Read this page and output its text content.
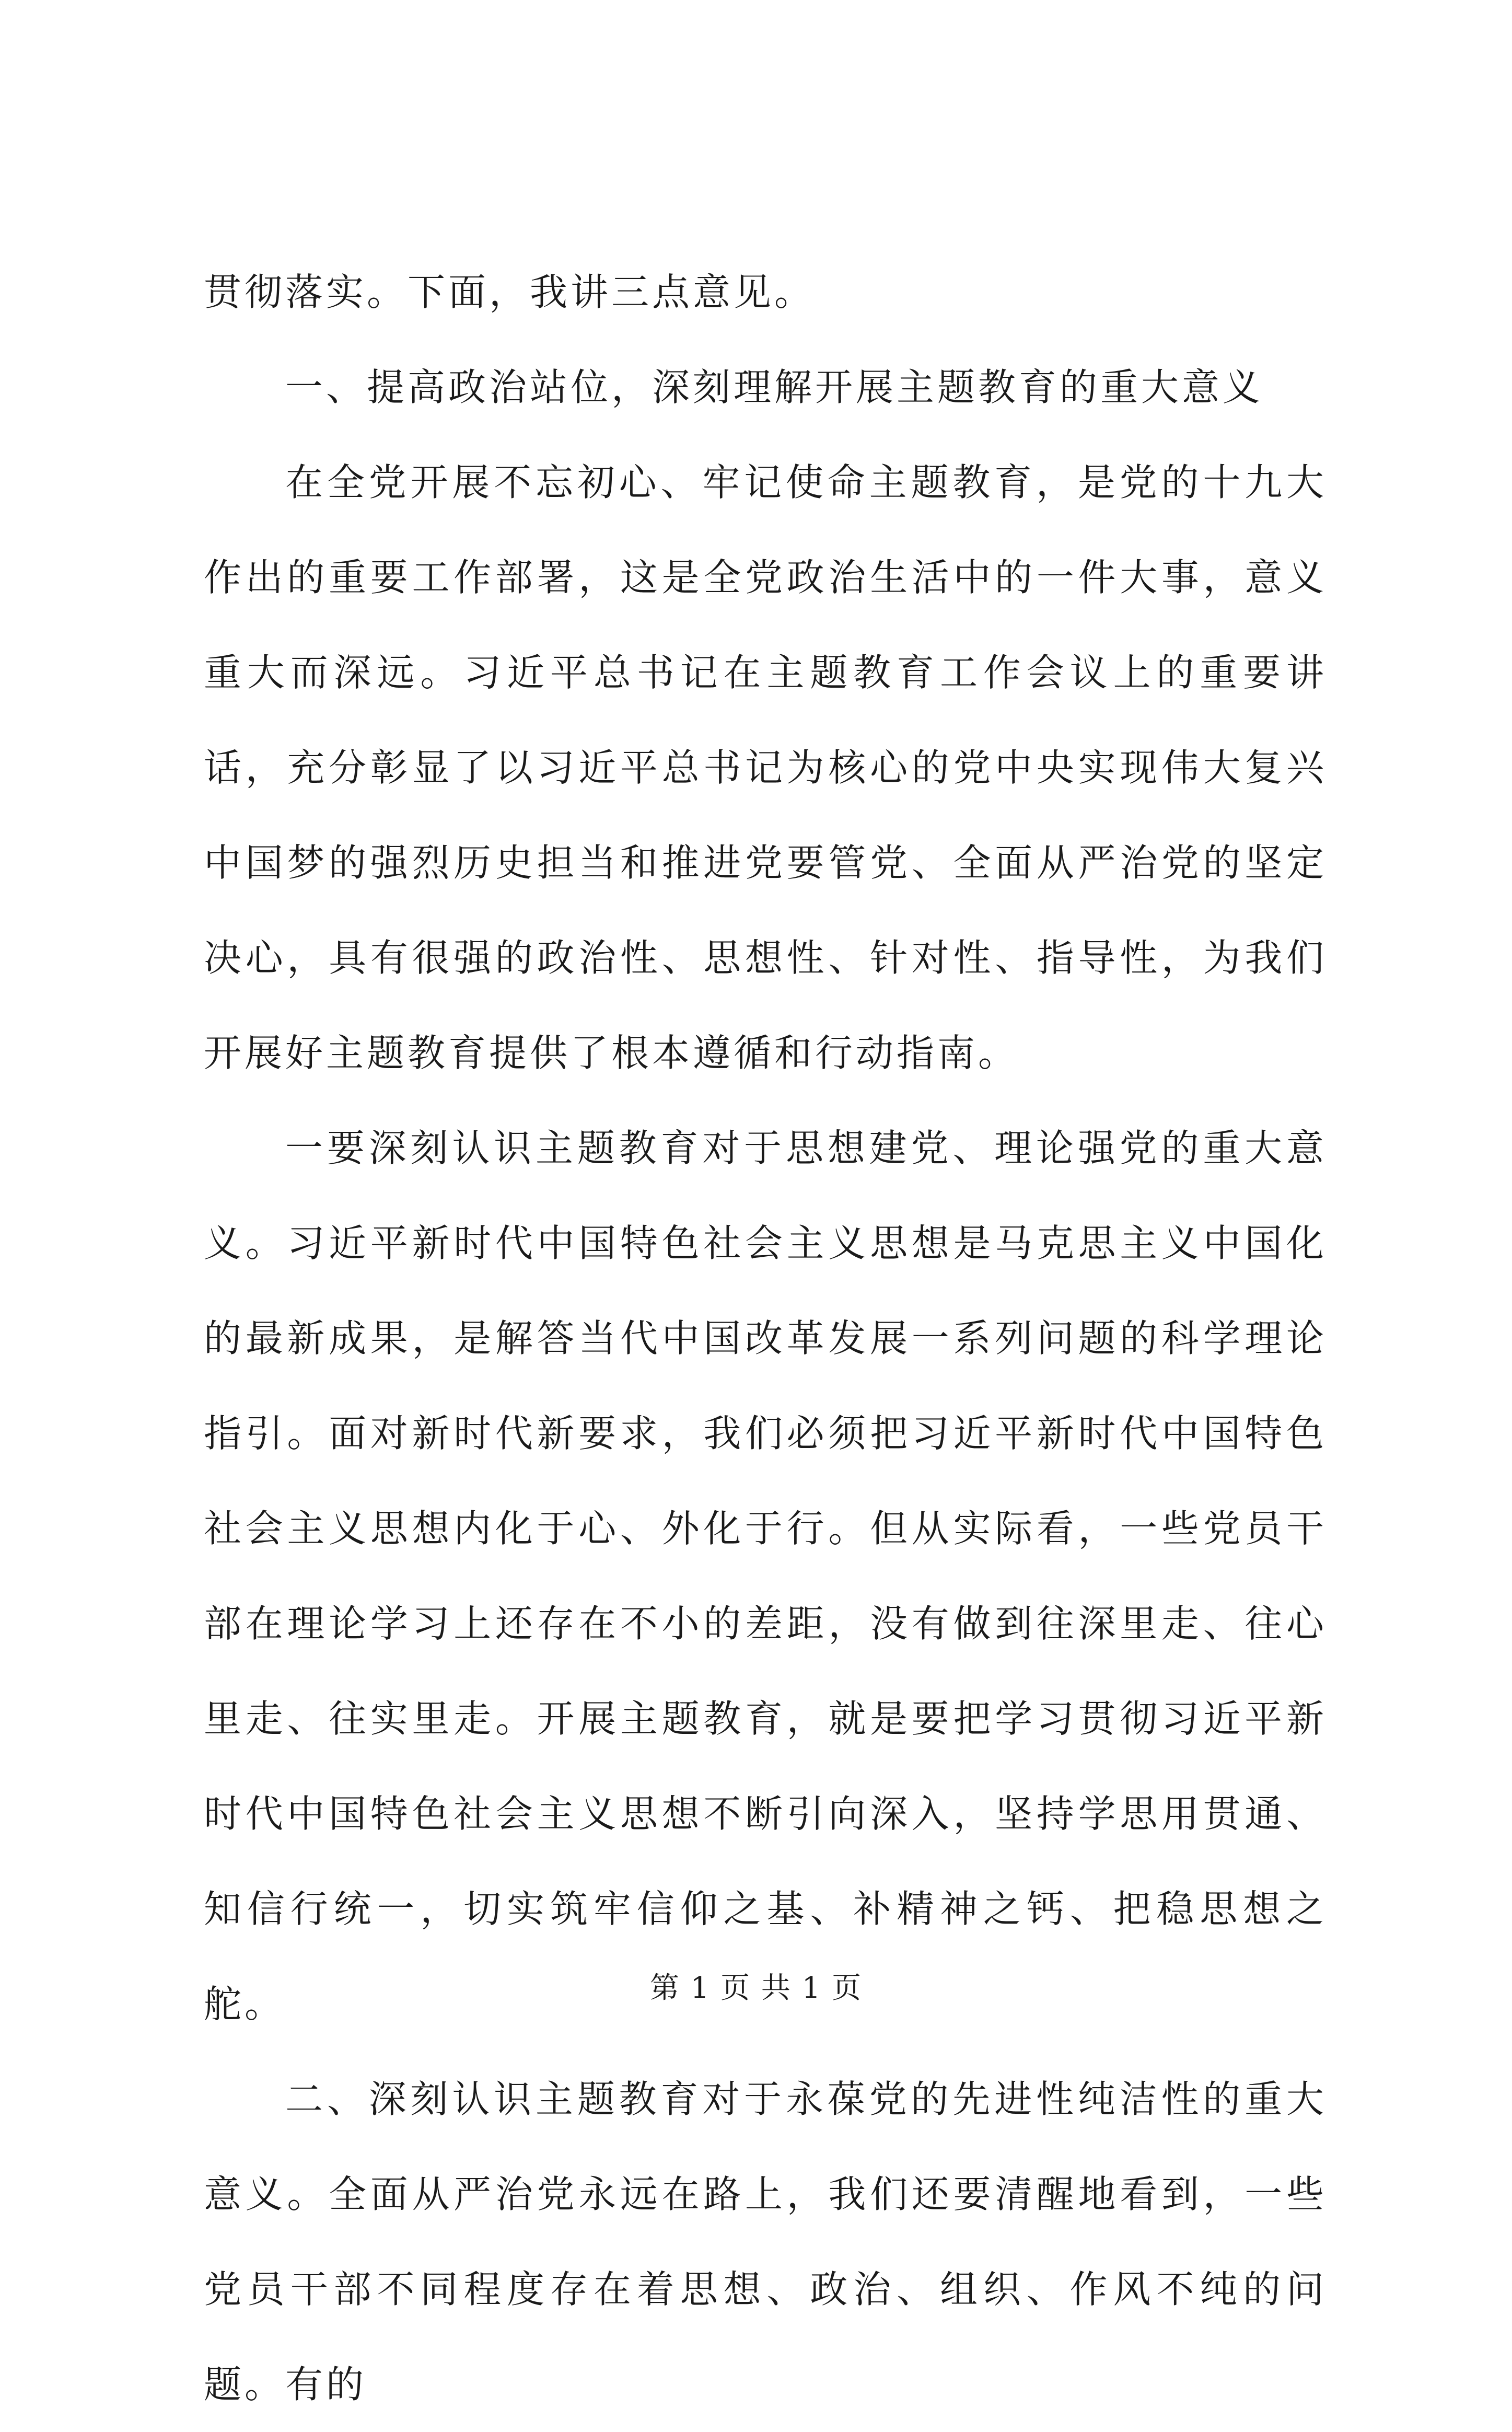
贯彻落实。下面，我讲三点意见。

一、提高政治站位，深刻理解开展主题教育的重大意义

在全党开展不忘初心、牢记使命主题教育，是党的十九大作出的重要工作部署，这是全党政治生活中的一件大事，意义重大而深远。习近平总书记在主题教育工作会议上的重要讲话，充分彰显了以习近平总书记为核心的党中央实现伟大复兴中国梦的强烈历史担当和推进党要管党、全面从严治党的坚定决心，具有很强的政治性、思想性、针对性、指导性，为我们开展好主题教育提供了根本遵循和行动指南。

一要深刻认识主题教育对于思想建党、理论强党的重大意义。习近平新时代中国特色社会主义思想是马克思主义中国化的最新成果，是解答当代中国改革发展一系列问题的科学理论指引。面对新时代新要求，我们必须把习近平新时代中国特色社会主义思想内化于心、外化于行。但从实际看，一些党员干部在理论学习上还存在不小的差距，没有做到往深里走、往心里走、往实里走。开展主题教育，就是要把学习贯彻习近平新时代中国特色社会主义思想不断引向深入，坚持学思用贯通、知信行统一，切实筑牢信仰之基、补精神之钙、把稳思想之舵。

二、深刻认识主题教育对于永葆党的先进性纯洁性的重大意义。全面从严治党永远在路上，我们还要清醒地看到，一些党员干部不同程度存在着思想、政治、组织、作风不纯的问题。有的

第 1 页 共 1 页
